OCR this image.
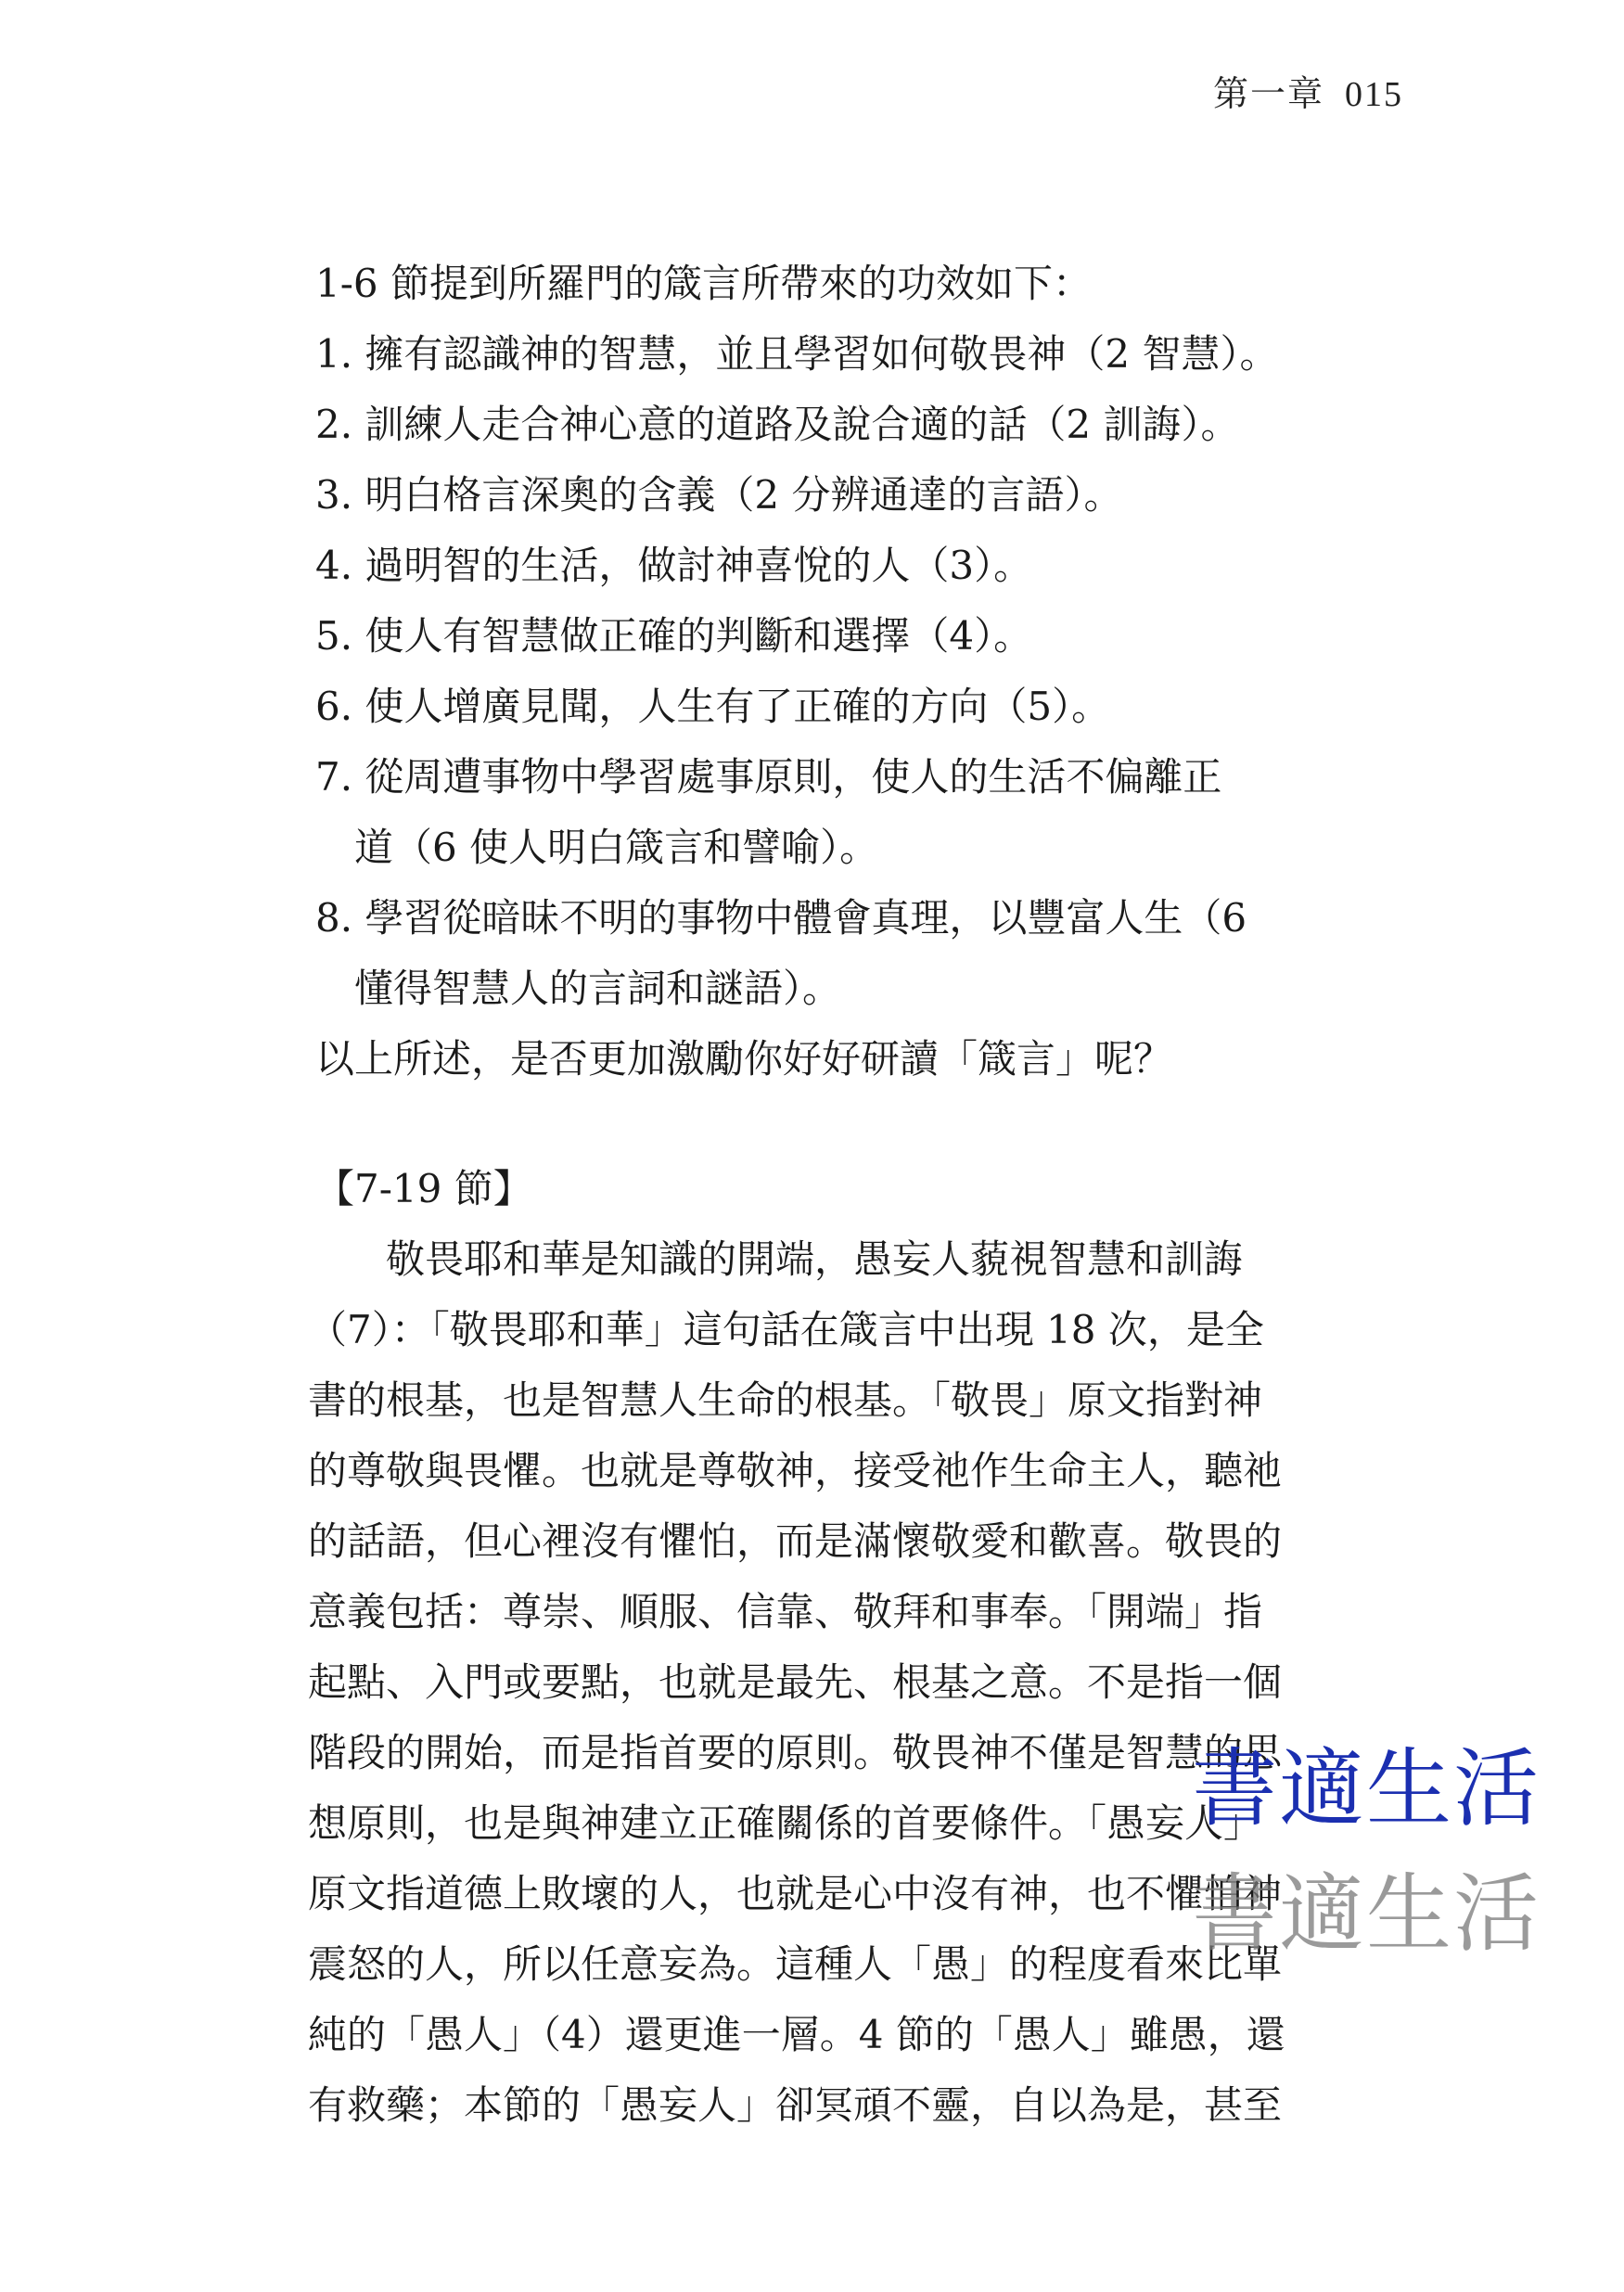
第一章 015
1-6 節提到所羅門的箴言所帶來的功效如下：
1. 擁有認識神的智慧，並且學習如何敬畏神（2 智慧）。
2. 訓練人走合神心意的道路及說合適的話（2 訓誨）。
3. 明白格言深奧的含義（2 分辨通達的言語）。
4. 過明智的生活，做討神喜悅的人（3）。
5. 使人有智慧做正確的判斷和選擇（4）。
6. 使人增廣見聞，人生有了正確的方向（5）。
7. 從周遭事物中學習處事原則，使人的生活不偏離正
道（6 使人明白箴言和譬喻）。
8. 學習從暗昧不明的事物中體會真理，以豐富人生（6
懂得智慧人的言詞和謎語）。
以上所述，是否更加激勵你好好研讀「箴言」呢？
【7-19 節】
　　敬畏耶和華是知識的開端，愚妄人藐視智慧和訓誨
（7）：「敬畏耶和華」這句話在箴言中出現 18 次，是全
書的根基，也是智慧人生命的根基。「敬畏」原文指對神
的尊敬與畏懼。也就是尊敬神，接受祂作生命主人，聽祂
的話語，但心裡沒有懼怕，而是滿懷敬愛和歡喜。敬畏的
意義包括：尊崇、順服、信靠、敬拜和事奉。「開端」指
起點、入門或要點，也就是最先、根基之意。不是指一個
階段的開始，而是指首要的原則。敬畏神不僅是智慧的思
想原則，也是與神建立正確關係的首要條件。「愚妄人」
原文指道德上敗壞的人，也就是心中沒有神，也不懼怕神
震怒的人，所以任意妄為。這種人「愚」的程度看來比單
純的「愚人」（4）還更進一層。4 節的「愚人」雖愚，還
有救藥；本節的「愚妄人」卻冥頑不靈，自以為是，甚至
書適生活
書適生活
